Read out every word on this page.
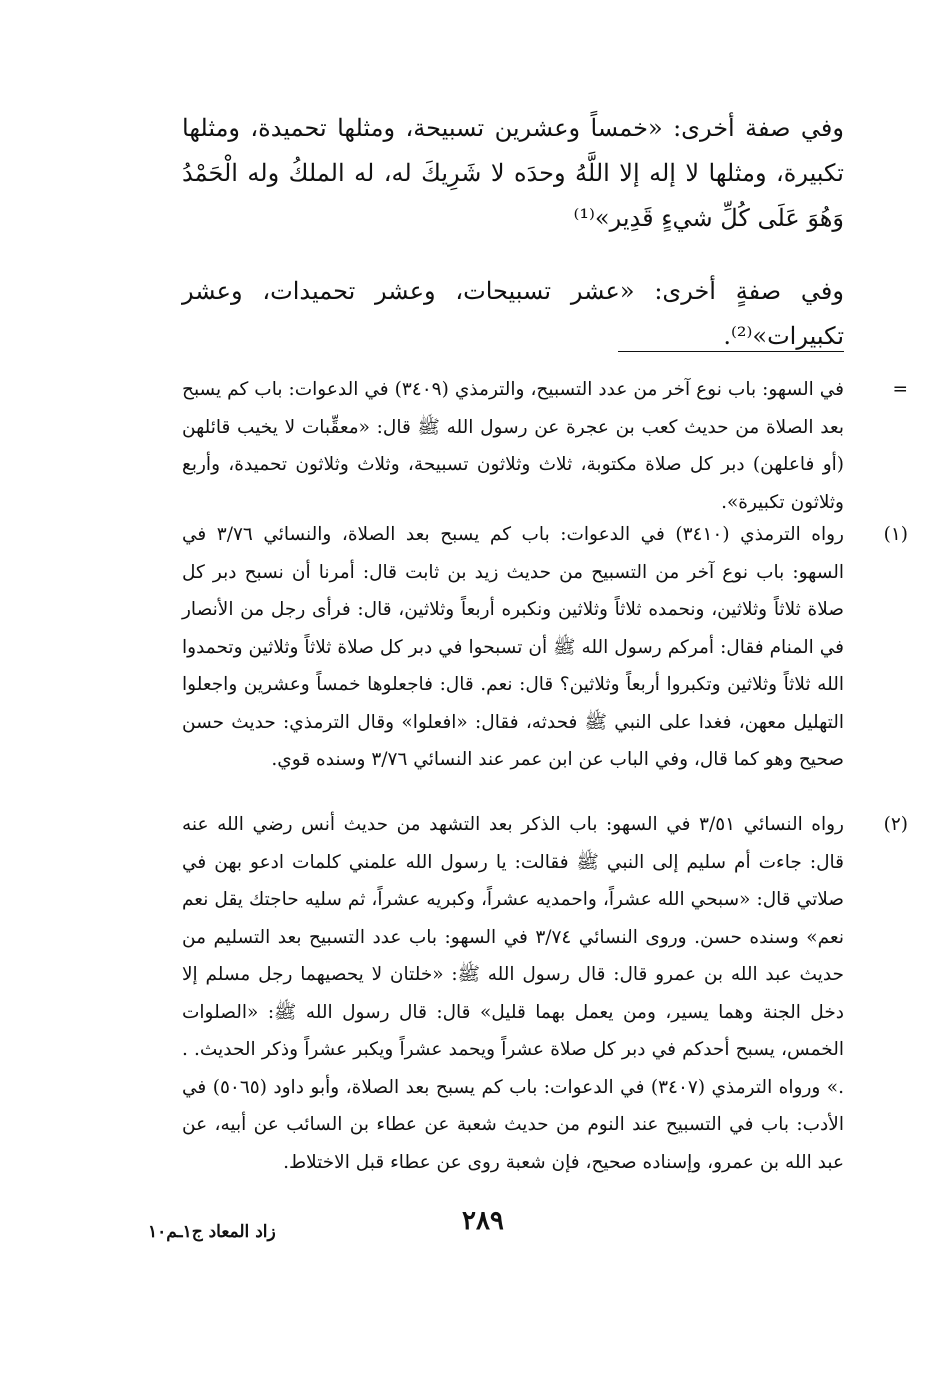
وفي صفة أخرى: «خمساً وعشرين تسبيحة، ومثلها تحميدة، ومثلها تكبيرة، ومثلها لا إله إلا اللَّهُ وحدَه لا شَرِيكَ له، له الملكُ وله الْحَمْدُ وَهُوَ عَلَى كُلِّ شيءٍ قَدِير»⁽¹⁾

وفي صفةٍ أخرى: «عشر تسبيحات، وعشر تحميدات، وعشر تكبيرات»⁽²⁾.

=
في السهو: باب نوع آخر من عدد التسبيح، والترمذي (٣٤٠٩) في الدعوات: باب كم يسبح بعد الصلاة من حديث كعب بن عجرة عن رسول الله ﷺ قال: «معقِّبات لا يخيب قائلهن (أو فاعلهن) دبر كل صلاة مكتوبة، ثلاث وثلاثون تسبيحة، وثلاث وثلاثون تحميدة، وأربع وثلاثون تكبيرة».
(١)
رواه الترمذي (٣٤١٠) في الدعوات: باب كم يسبح بعد الصلاة، والنسائي ٣/٧٦ في السهو: باب نوع آخر من التسبيح من حديث زيد بن ثابت قال: أمرنا أن نسبح دبر كل صلاة ثلاثاً وثلاثين، ونحمده ثلاثاً وثلاثين ونكبره أربعاً وثلاثين، قال: فرأى رجل من الأنصار في المنام فقال: أمركم رسول الله ﷺ أن تسبحوا في دبر كل صلاة ثلاثاً وثلاثين وتحمدوا الله ثلاثاً وثلاثين وتكبروا أربعاً وثلاثين؟ قال: نعم. قال: فاجعلوها خمساً وعشرين واجعلوا التهليل معهن، فغدا على النبي ﷺ فحدثه، فقال: «افعلوا» وقال الترمذي: حديث حسن صحيح وهو كما قال، وفي الباب عن ابن عمر عند النسائي ٣/٧٦ وسنده قوي.
(٢)
رواه النسائي ٣/٥١ في السهو: باب الذكر بعد التشهد من حديث أنس رضي الله عنه قال: جاءت أم سليم إلى النبي ﷺ فقالت: يا رسول الله علمني كلمات ادعو بهن في صلاتي قال: «سبحي الله عشراً، واحمديه عشراً، وكبريه عشراً، ثم سليه حاجتك يقل نعم نعم» وسنده حسن. وروى النسائي ٣/٧٤ في السهو: باب عدد التسبيح بعد التسليم من حديث عبد الله بن عمرو قال: قال رسول الله ﷺ: «خلتان لا يحصيهما رجل مسلم إلا دخل الجنة وهما يسير، ومن يعمل بهما قليل» قال: قال رسول الله ﷺ: «الصلوات الخمس، يسبح أحدكم في دبر كل صلاة عشراً ويحمد عشراً ويكبر عشراً وذكر الحديث. . .» ورواه الترمذي (٣٤٠٧) في الدعوات: باب كم يسبح بعد الصلاة، وأبو داود (٥٠٦٥) في الأدب: باب في التسبيح عند النوم من حديث شعبة عن عطاء بن السائب عن أبيه، عن عبد الله بن عمرو، وإسناده صحيح، فإن شعبة روى عن عطاء قبل الاختلاط.
٢٨٩
زاد المعاد ج١ـم١٠
